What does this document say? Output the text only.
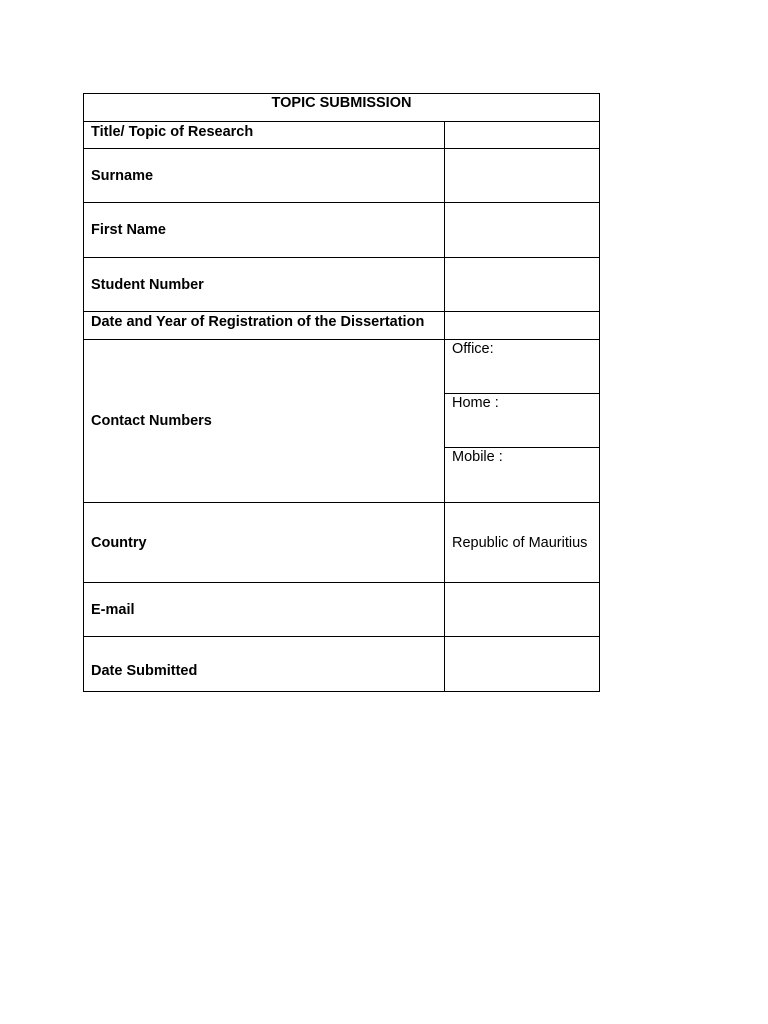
TOPIC SUBMISSION	
Title/ Topic of Research	
Surname	
First Name	
Student Number	
Date and Year of Registration of the Dissertation	
Contact Numbers	Office:
	Home :
	Mobile :
Country	Republic of Mauritius
E-mail	
Date Submitted	
